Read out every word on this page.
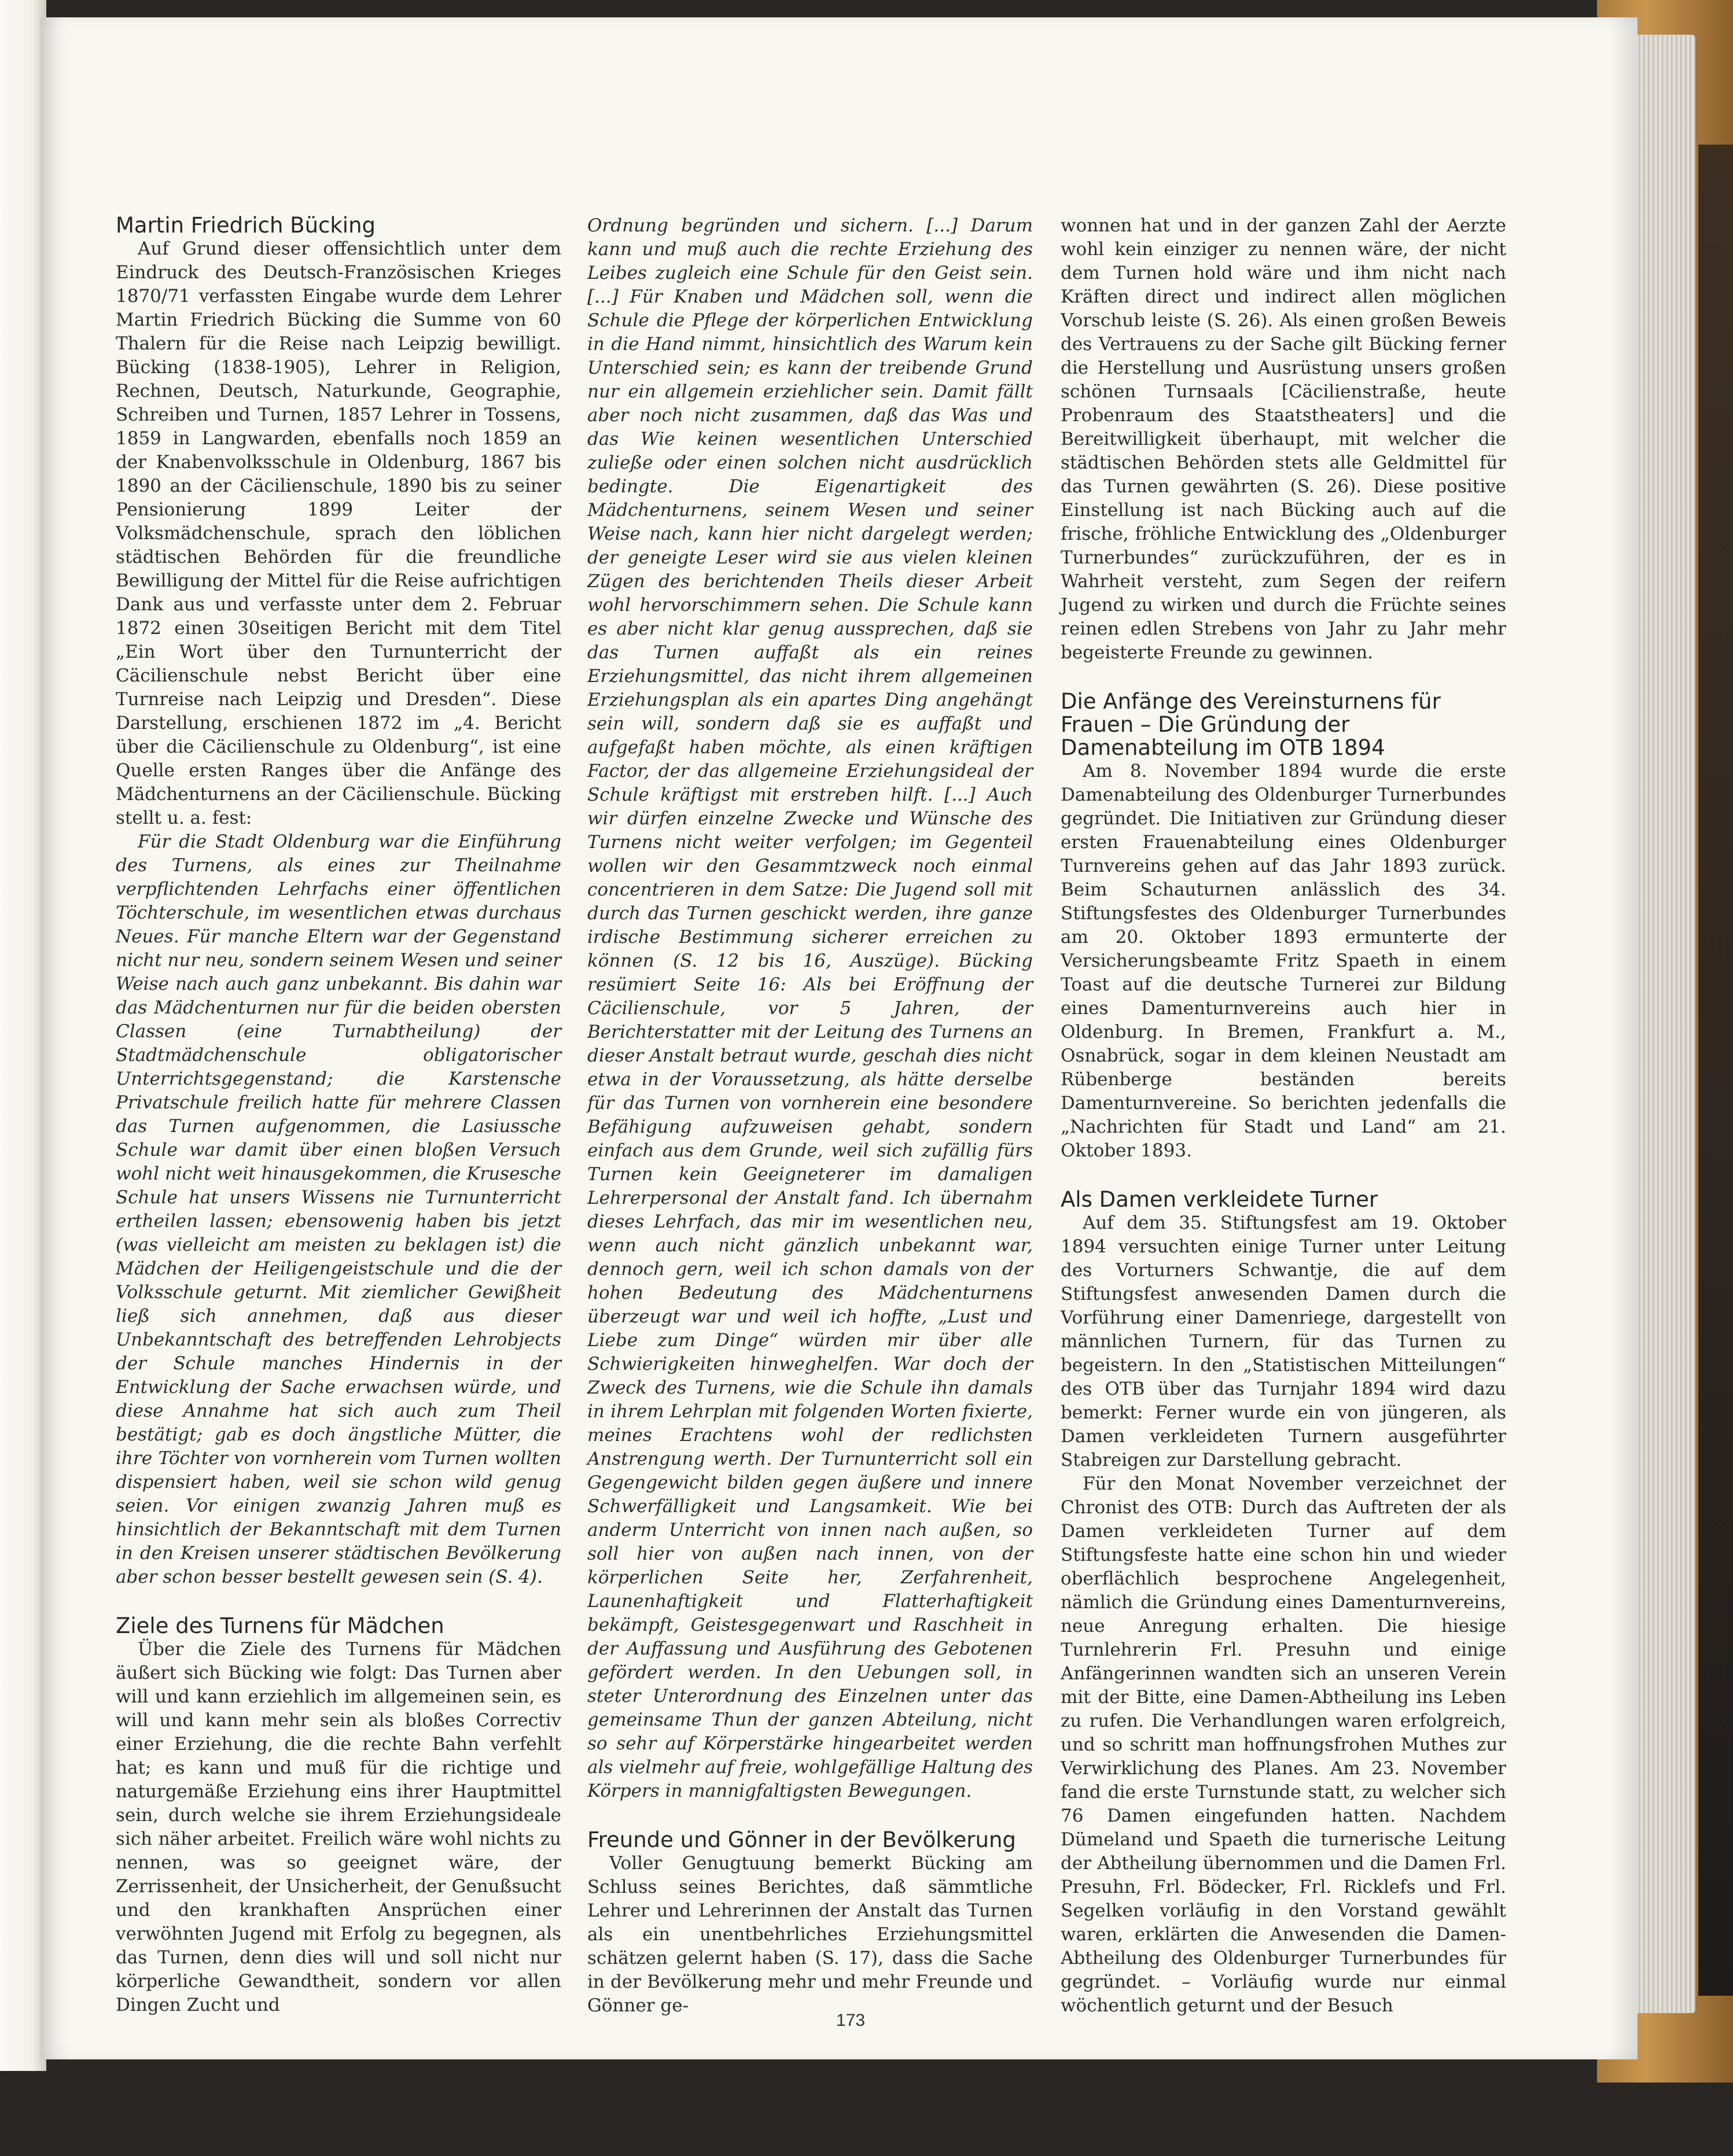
Martin Friedrich Bücking

Auf Grund dieser offensichtlich unter dem Eindruck des Deutsch-Französischen Krieges 1870/71 verfassten Eingabe wurde dem Lehrer Martin Friedrich Bücking die Summe von 60 Thalern für die Reise nach Leipzig bewilligt. Bücking (1838-1905), Lehrer in Religion, Rechnen, Deutsch, Naturkunde, Geographie, Schreiben und Turnen, 1857 Lehrer in Tossens, 1859 in Langwarden, ebenfalls noch 1859 an der Knabenvolksschule in Oldenburg, 1867 bis 1890 an der Cäcilienschule, 1890 bis zu seiner Pensionierung 1899 Leiter der Volksmädchenschule, sprach den löblichen städtischen Behörden für die freundliche Bewilligung der Mittel für die Reise aufrichtigen Dank aus und verfasste unter dem 2. Februar 1872 einen 30seitigen Bericht mit dem Titel „Ein Wort über den Turnunterricht der Cäcilienschule nebst Bericht über eine Turnreise nach Leipzig und Dresden“. Diese Darstellung, erschienen 1872 im „4. Bericht über die Cäcilienschule zu Oldenburg“, ist eine Quelle ersten Ranges über die Anfänge des Mädchenturnens an der Cäcilienschule. Bücking stellt u. a. fest:

Für die Stadt Oldenburg war die Einführung des Turnens, als eines zur Theilnahme verpflichtenden Lehrfachs einer öffentlichen Töchterschule, im wesentlichen etwas durchaus Neues. Für manche Eltern war der Gegenstand nicht nur neu, sondern seinem Wesen und seiner Weise nach auch ganz unbekannt. Bis dahin war das Mädchenturnen nur für die beiden obersten Classen (eine Turnabtheilung) der Stadtmädchenschule obligatorischer Unterrichtsgegenstand; die Karstensche Privatschule freilich hatte für mehrere Classen das Turnen aufgenommen, die Lasiussche Schule war damit über einen bloßen Versuch wohl nicht weit hinausgekommen, die Krusesche Schule hat unsers Wissens nie Turnunterricht ertheilen lassen; ebensowenig haben bis jetzt (was vielleicht am meisten zu beklagen ist) die Mädchen der Heiligengeistschule und die der Volksschule geturnt. Mit ziemlicher Gewißheit ließ sich annehmen, daß aus dieser Unbekanntschaft des betreffenden Lehrobjects der Schule manches Hindernis in der Entwicklung der Sache erwachsen würde, und diese Annahme hat sich auch zum Theil bestätigt; gab es doch ängstliche Mütter, die ihre Töchter von vornherein vom Turnen wollten dispensiert haben, weil sie schon wild genug seien. Vor einigen zwanzig Jahren muß es hinsichtlich der Bekanntschaft mit dem Turnen in den Kreisen unserer städtischen Bevölkerung aber schon besser bestellt gewesen sein (S. 4).

Ziele des Turnens für Mädchen

Über die Ziele des Turnens für Mädchen äußert sich Bücking wie folgt: Das Turnen aber will und kann erziehlich im allgemeinen sein, es will und kann mehr sein als bloßes Correctiv einer Erziehung, die die rechte Bahn verfehlt hat; es kann und muß für die richtige und naturgemäße Erziehung eins ihrer Hauptmittel sein, durch welche sie ihrem Erziehungsideale sich näher arbeitet. Freilich wäre wohl nichts zu nennen, was so geeignet wäre, der Zerrissenheit, der Unsicherheit, der Genußsucht und den krankhaften Ansprüchen einer verwöhnten Jugend mit Erfolg zu begegnen, als das Turnen, denn dies will und soll nicht nur körperliche Gewandtheit, sondern vor allen Dingen Zucht und

Ordnung begründen und sichern. [...] Darum kann und muß auch die rechte Erziehung des Leibes zugleich eine Schule für den Geist sein. [...] Für Knaben und Mädchen soll, wenn die Schule die Pflege der körperlichen Entwicklung in die Hand nimmt, hinsichtlich des Warum kein Unterschied sein; es kann der treibende Grund nur ein allgemein erziehlicher sein. Damit fällt aber noch nicht zusammen, daß das Was und das Wie keinen wesentlichen Unterschied zuließe oder einen solchen nicht ausdrücklich bedingte. Die Eigenartigkeit des Mädchenturnens, seinem Wesen und seiner Weise nach, kann hier nicht dargelegt werden; der geneigte Leser wird sie aus vielen kleinen Zügen des berichtenden Theils dieser Arbeit wohl hervorschimmern sehen. Die Schule kann es aber nicht klar genug aussprechen, daß sie das Turnen auffaßt als ein reines Erziehungsmittel, das nicht ihrem allgemeinen Erziehungsplan als ein apartes Ding angehängt sein will, sondern daß sie es auffaßt und aufgefaßt haben möchte, als einen kräftigen Factor, der das allgemeine Erziehungsideal der Schule kräftigst mit erstreben hilft. [...] Auch wir dürfen einzelne Zwecke und Wünsche des Turnens nicht weiter verfolgen; im Gegenteil wollen wir den Gesammtzweck noch einmal concentrieren in dem Satze: Die Jugend soll mit durch das Turnen geschickt werden, ihre ganze irdische Bestimmung sicherer erreichen zu können (S. 12 bis 16, Auszüge). Bücking resümiert Seite 16: Als bei Eröffnung der Cäcilienschule, vor 5 Jahren, der Berichterstatter mit der Leitung des Turnens an dieser Anstalt betraut wurde, geschah dies nicht etwa in der Voraussetzung, als hätte derselbe für das Turnen von vornherein eine besondere Befähigung aufzuweisen gehabt, sondern einfach aus dem Grunde, weil sich zufällig fürs Turnen kein Geeigneterer im damaligen Lehrerpersonal der Anstalt fand. Ich übernahm dieses Lehrfach, das mir im wesentlichen neu, wenn auch nicht gänzlich unbekannt war, dennoch gern, weil ich schon damals von der hohen Bedeutung des Mädchenturnens überzeugt war und weil ich hoffte, „Lust und Liebe zum Dinge“ würden mir über alle Schwierigkeiten hinweghelfen. War doch der Zweck des Turnens, wie die Schule ihn damals in ihrem Lehrplan mit folgenden Worten fixierte, meines Erachtens wohl der redlichsten Anstrengung werth. Der Turnunterricht soll ein Gegengewicht bilden gegen äußere und innere Schwerfälligkeit und Langsamkeit. Wie bei anderm Unterricht von innen nach außen, so soll hier von außen nach innen, von der körperlichen Seite her, Zerfahrenheit, Launenhaftigkeit und Flatterhaftigkeit bekämpft, Geistesgegenwart und Raschheit in der Auffassung und Ausführung des Gebotenen gefördert werden. In den Uebungen soll, in steter Unterordnung des Einzelnen unter das gemeinsame Thun der ganzen Abteilung, nicht so sehr auf Körperstärke hingearbeitet werden als vielmehr auf freie, wohlgefällige Haltung des Körpers in mannigfaltigsten Bewegungen.

Freunde und Gönner in der Bevölkerung

Voller Genugtuung bemerkt Bücking am Schluss seines Berichtes, daß sämmtliche Lehrer und Lehrerinnen der Anstalt das Turnen als ein unentbehrliches Erziehungsmittel schätzen gelernt haben (S. 17), dass die Sache in der Bevölkerung mehr und mehr Freunde und Gönner ge-

wonnen hat und in der ganzen Zahl der Aerzte wohl kein einziger zu nennen wäre, der nicht dem Turnen hold wäre und ihm nicht nach Kräften direct und indirect allen möglichen Vorschub leiste (S. 26). Als einen großen Beweis des Vertrauens zu der Sache gilt Bücking ferner die Herstellung und Ausrüstung unsers großen schönen Turnsaals [Cäcilienstraße, heute Probenraum des Staatstheaters] und die Bereitwilligkeit überhaupt, mit welcher die städtischen Behörden stets alle Geldmittel für das Turnen gewährten (S. 26). Diese positive Einstellung ist nach Bücking auch auf die frische, fröhliche Entwicklung des „Oldenburger Turnerbundes“ zurückzuführen, der es in Wahrheit versteht, zum Segen der reifern Jugend zu wirken und durch die Früchte seines reinen edlen Strebens von Jahr zu Jahr mehr begeisterte Freunde zu gewinnen.

Die Anfänge des Vereinsturnens für Frauen – Die Gründung der Damenabteilung im OTB 1894

Am 8. November 1894 wurde die erste Damenabteilung des Oldenburger Turnerbundes gegründet. Die Initiativen zur Gründung dieser ersten Frauenabteilung eines Oldenburger Turnvereins gehen auf das Jahr 1893 zurück. Beim Schauturnen anlässlich des 34. Stiftungsfestes des Oldenburger Turnerbundes am 20. Oktober 1893 ermunterte der Versicherungsbeamte Fritz Spaeth in einem Toast auf die deutsche Turnerei zur Bildung eines Damenturnvereins auch hier in Oldenburg. In Bremen, Frankfurt a. M., Osnabrück, sogar in dem kleinen Neustadt am Rübenberge beständen bereits Damenturnvereine. So berichten jedenfalls die „Nachrichten für Stadt und Land“ am 21. Oktober 1893.

Als Damen verkleidete Turner

Auf dem 35. Stiftungsfest am 19. Oktober 1894 versuchten einige Turner unter Leitung des Vorturners Schwantje, die auf dem Stiftungsfest anwesenden Damen durch die Vorführung einer Damenriege, dargestellt von männlichen Turnern, für das Turnen zu begeistern. In den „Statistischen Mitteilungen“ des OTB über das Turnjahr 1894 wird dazu bemerkt: Ferner wurde ein von jüngeren, als Damen verkleideten Turnern ausgeführter Stabreigen zur Darstellung gebracht.

Für den Monat November verzeichnet der Chronist des OTB: Durch das Auftreten der als Damen verkleideten Turner auf dem Stiftungsfeste hatte eine schon hin und wieder oberflächlich besprochene Angelegenheit, nämlich die Gründung eines Damenturnvereins, neue Anregung erhalten. Die hiesige Turnlehrerin Frl. Presuhn und einige Anfängerinnen wandten sich an unseren Verein mit der Bitte, eine Damen-Abtheilung ins Leben zu rufen. Die Verhandlungen waren erfolgreich, und so schritt man hoffnungsfrohen Muthes zur Verwirklichung des Planes. Am 23. November fand die erste Turnstunde statt, zu welcher sich 76 Damen eingefunden hatten. Nachdem Dümeland und Spaeth die turnerische Leitung der Abtheilung übernommen und die Damen Frl. Presuhn, Frl. Bödecker, Frl. Ricklefs und Frl. Segelken vorläufig in den Vorstand gewählt waren, erklärten die Anwesenden die Damen-Abtheilung des Oldenburger Turnerbundes für gegründet. – Vorläufig wurde nur einmal wöchentlich geturnt und der Besuch

173
